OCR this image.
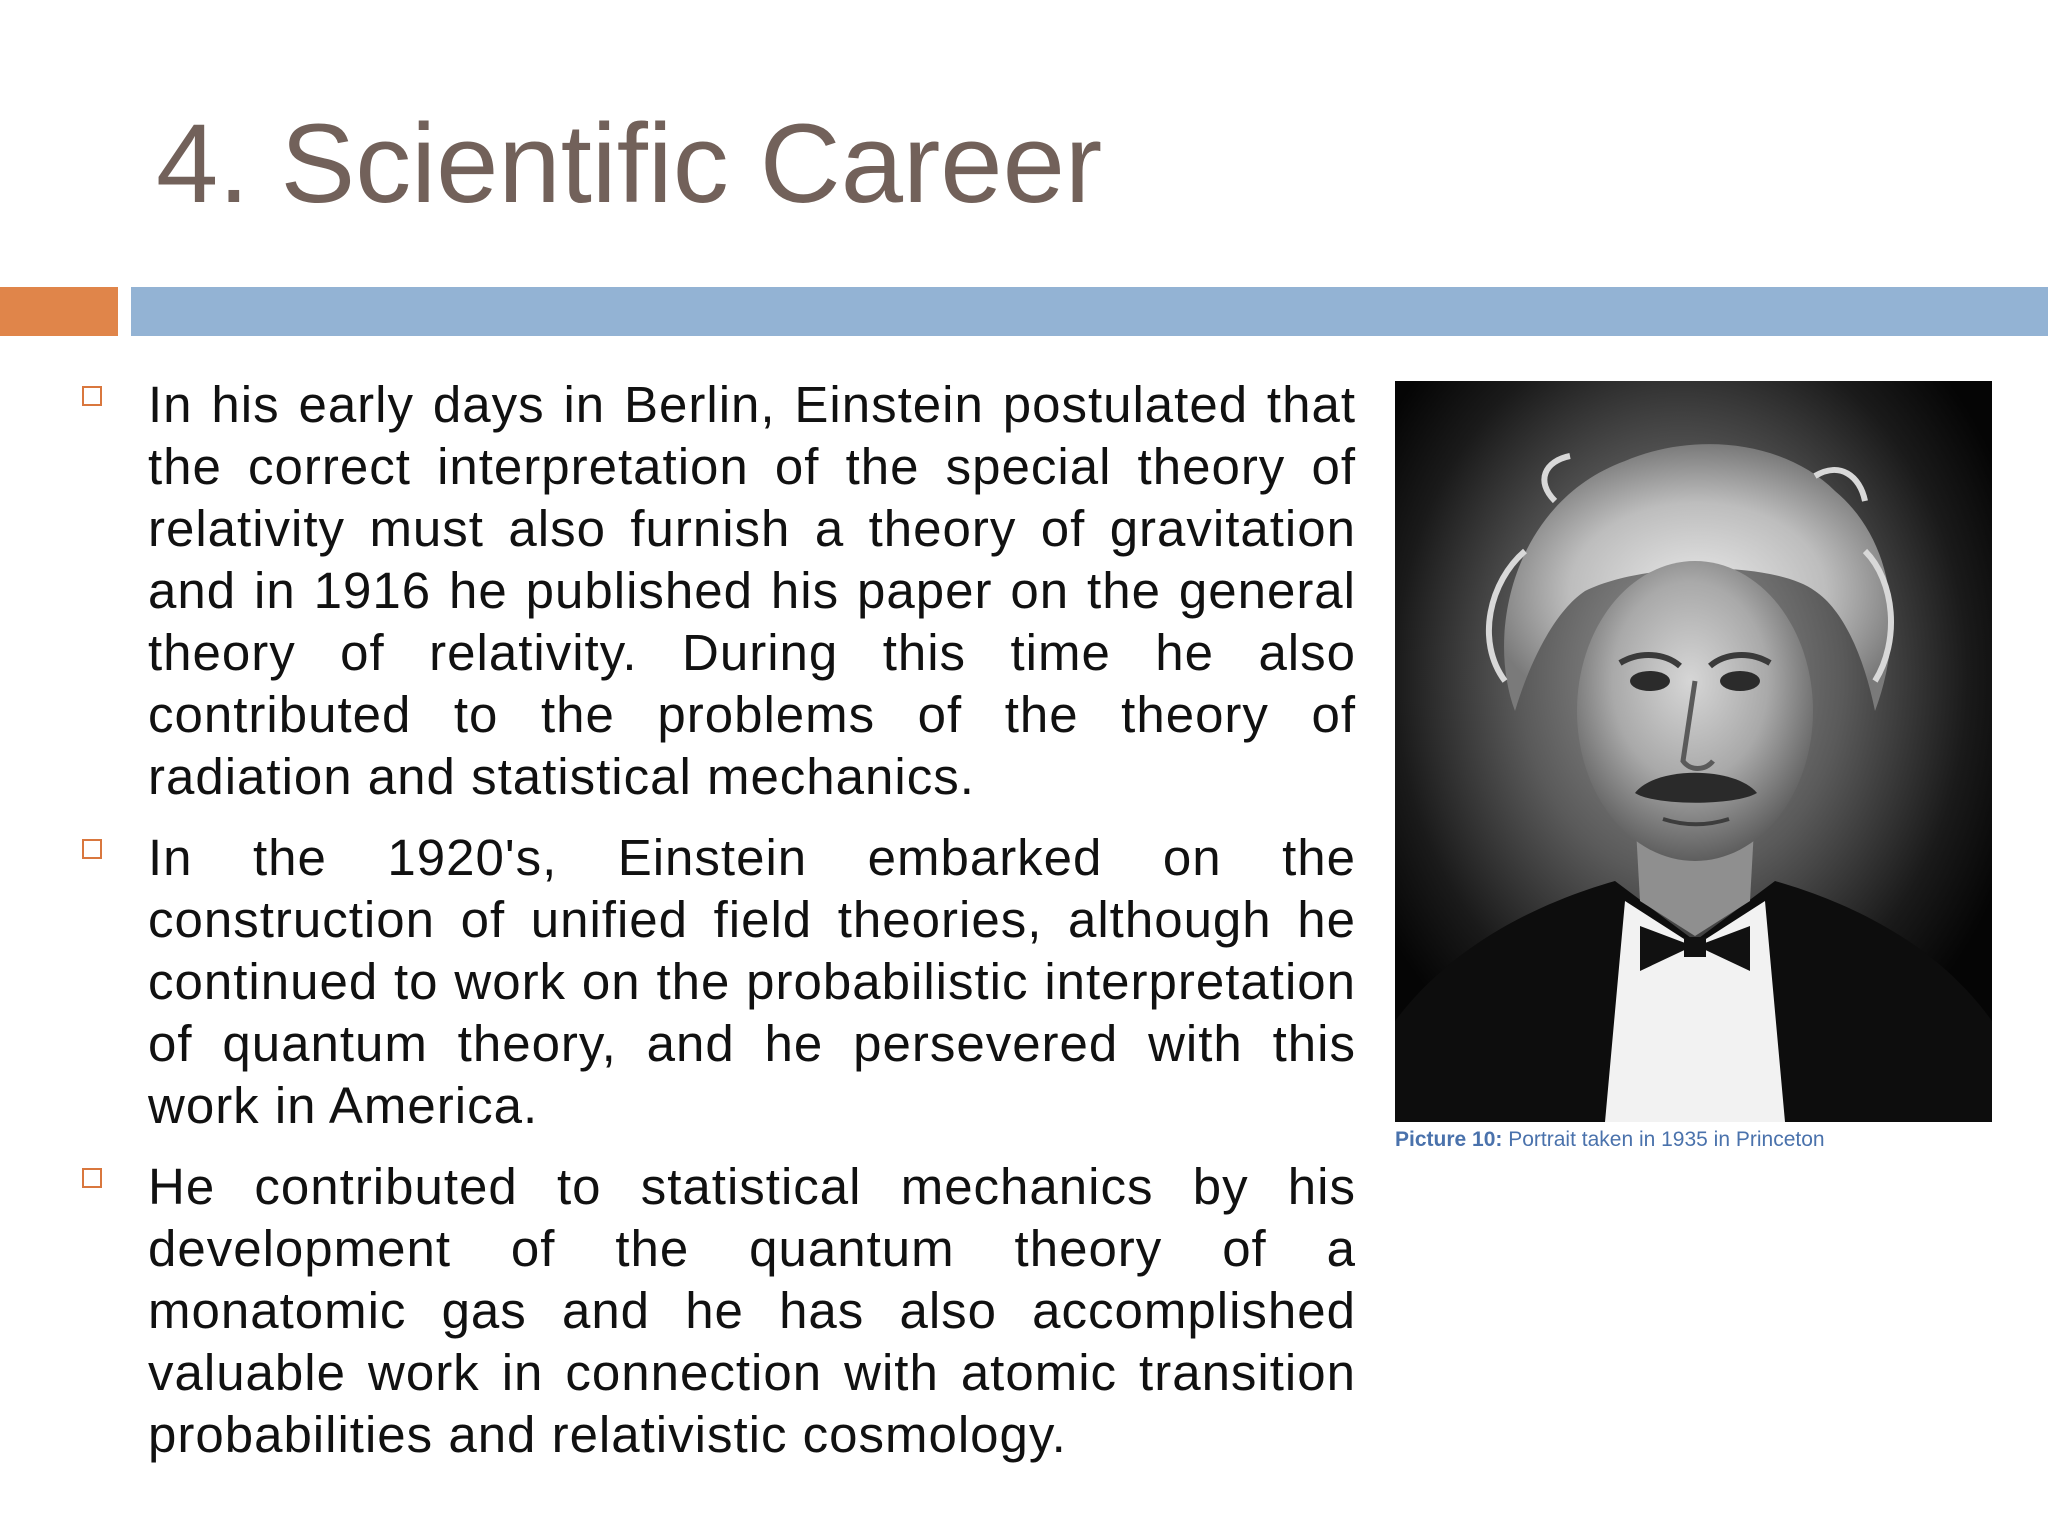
4. Scientific Career
In his early days in Berlin, Einstein postulated that the correct interpretation of the special theory of relativity must also furnish a theory of gravitation and in 1916 he published his paper on the general theory of relativity. During this time he also contributed to the problems of the theory of radiation and statistical mechanics.
In the 1920's, Einstein embarked on the construction of unified field theories, although he continued to work on the probabilistic interpretation of quantum theory, and he persevered with this work in America.
He contributed to statistical mechanics by his development of the quantum theory of a monatomic gas and he has also accomplished valuable work in connection with atomic transition probabilities and relativistic cosmology.
Picture 10: Portrait taken in 1935 in Princeton
